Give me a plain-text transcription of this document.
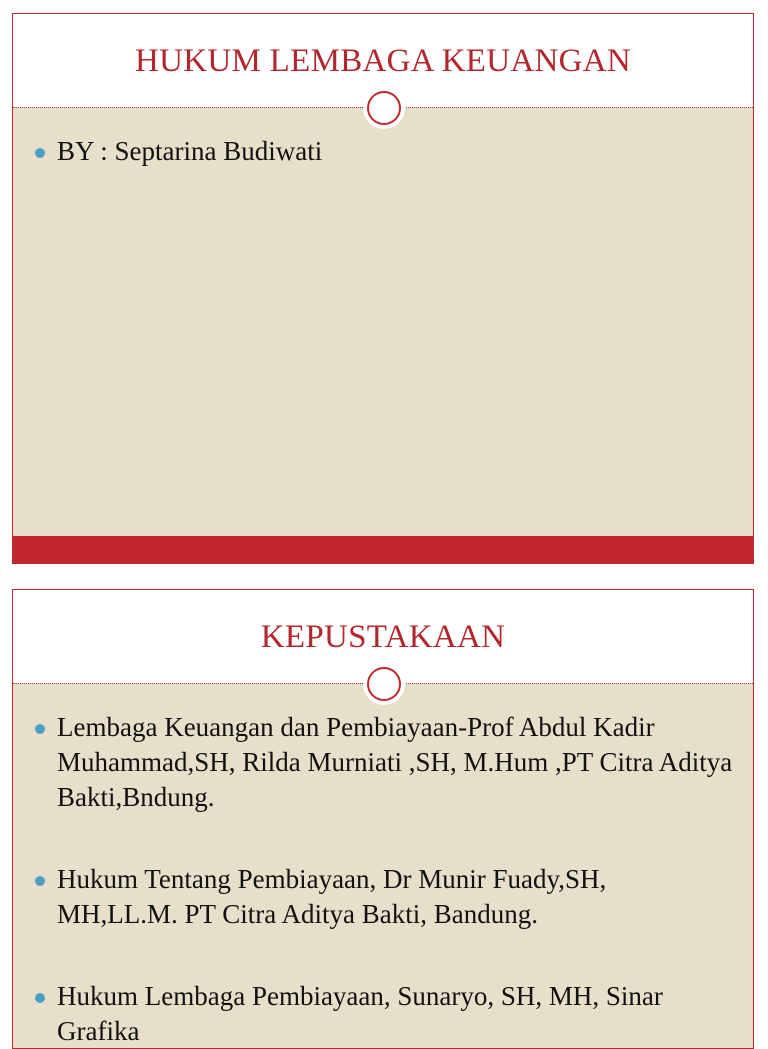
HUKUM LEMBAGA KEUANGAN
BY : Septarina Budiwati
KEPUSTAKAAN
Lembaga Keuangan dan Pembiayaan-Prof Abdul Kadir Muhammad,SH, Rilda Murniati ,SH, M.Hum ,PT Citra Aditya Bakti,Bndung.
Hukum Tentang Pembiayaan, Dr Munir Fuady,SH, MH,LL.M. PT Citra Aditya Bakti, Bandung.
Hukum Lembaga Pembiayaan, Sunaryo, SH, MH, Sinar Grafika
